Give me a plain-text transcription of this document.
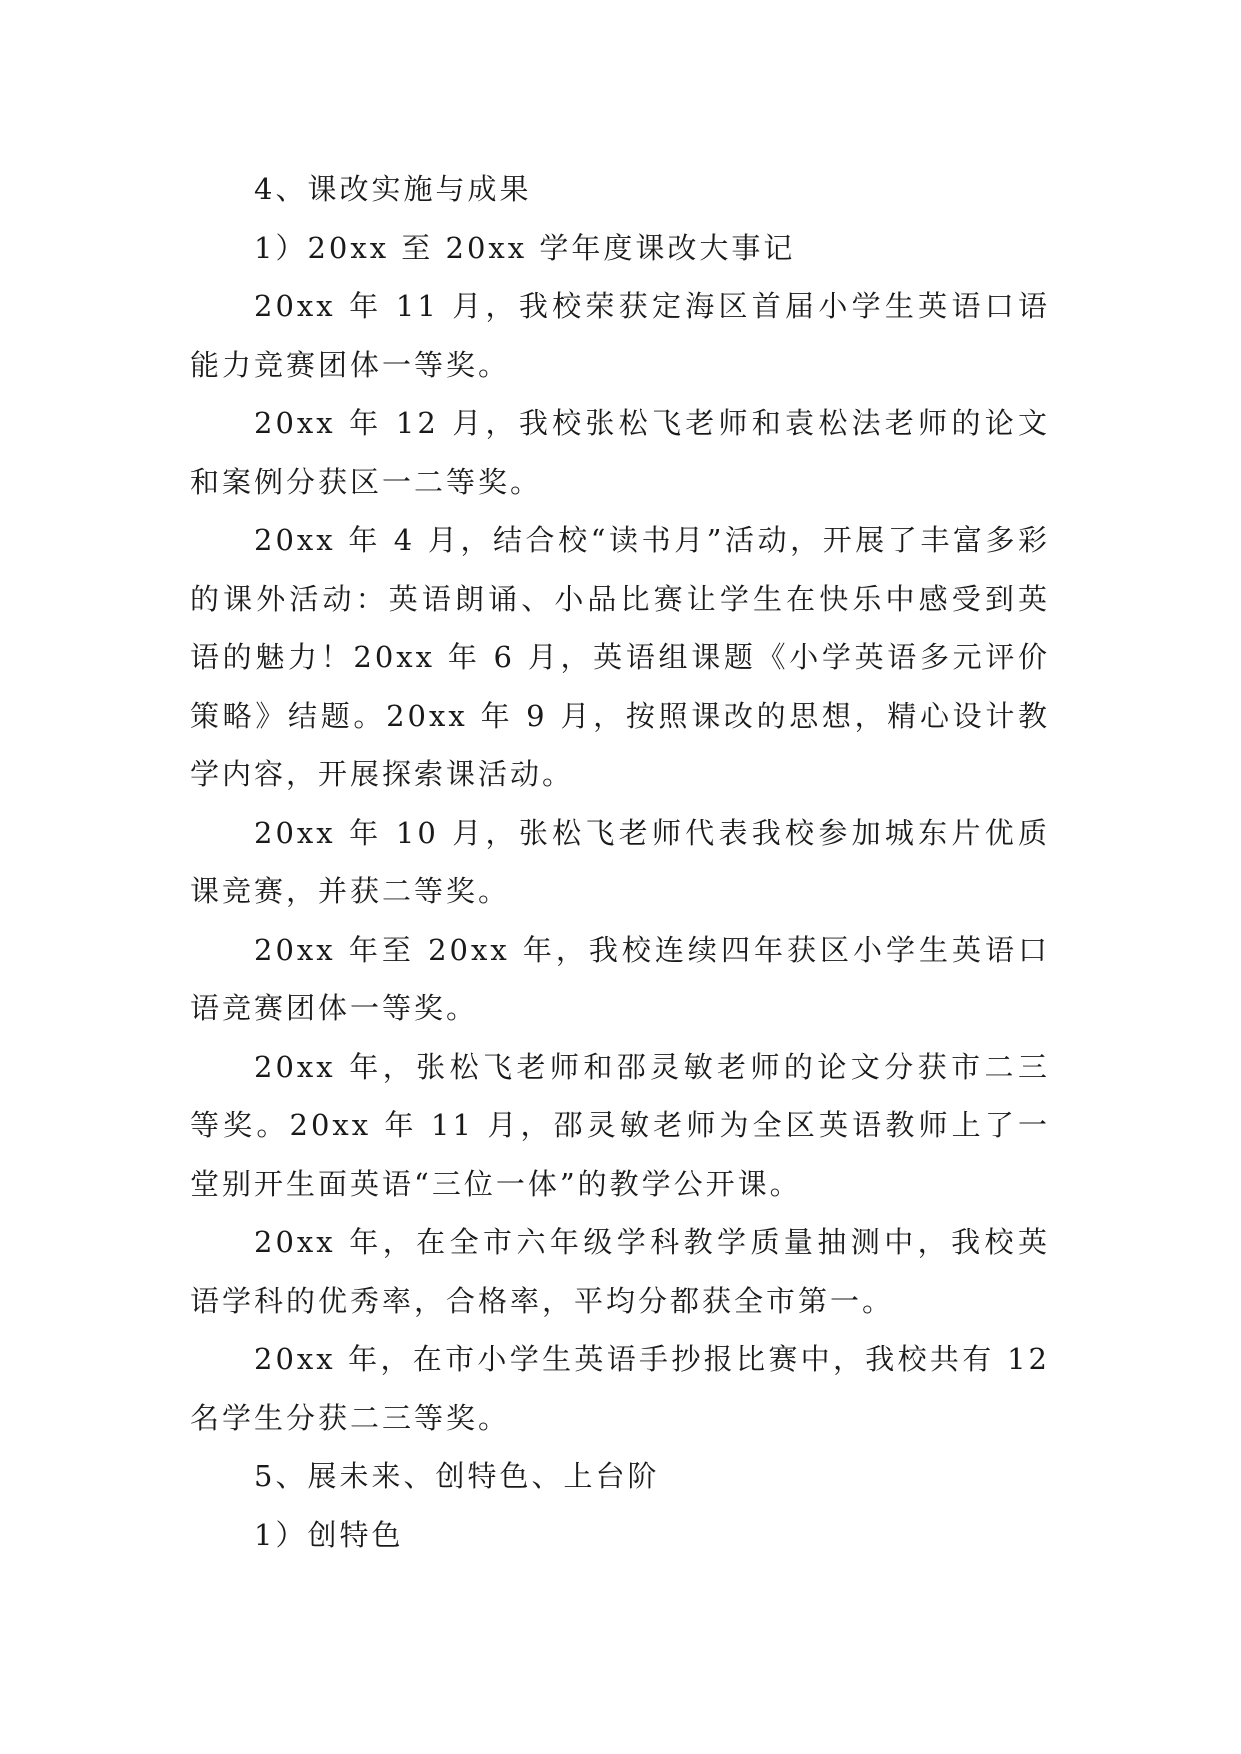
4、课改实施与成果

1）20xx 至 20xx 学年度课改大事记

20xx 年 11 月，我校荣获定海区首届小学生英语口语能力竞赛团体一等奖。

20xx 年 12 月，我校张松飞老师和袁松法老师的论文和案例分获区一二等奖。

20xx 年 4 月，结合校“读书月”活动，开展了丰富多彩的课外活动：英语朗诵、小品比赛让学生在快乐中感受到英语的魅力！20xx 年 6 月，英语组课题《小学英语多元评价策略》结题。20xx 年 9 月，按照课改的思想，精心设计教学内容，开展探索课活动。

20xx 年 10 月，张松飞老师代表我校参加城东片优质课竞赛，并获二等奖。

20xx 年至 20xx 年，我校连续四年获区小学生英语口语竞赛团体一等奖。

20xx 年，张松飞老师和邵灵敏老师的论文分获市二三等奖。20xx 年 11 月，邵灵敏老师为全区英语教师上了一堂别开生面英语“三位一体”的教学公开课。

20xx 年，在全市六年级学科教学质量抽测中，我校英语学科的优秀率，合格率，平均分都获全市第一。

20xx 年，在市小学生英语手抄报比赛中，我校共有 12 名学生分获二三等奖。

5、展未来、创特色、上台阶

1）创特色
